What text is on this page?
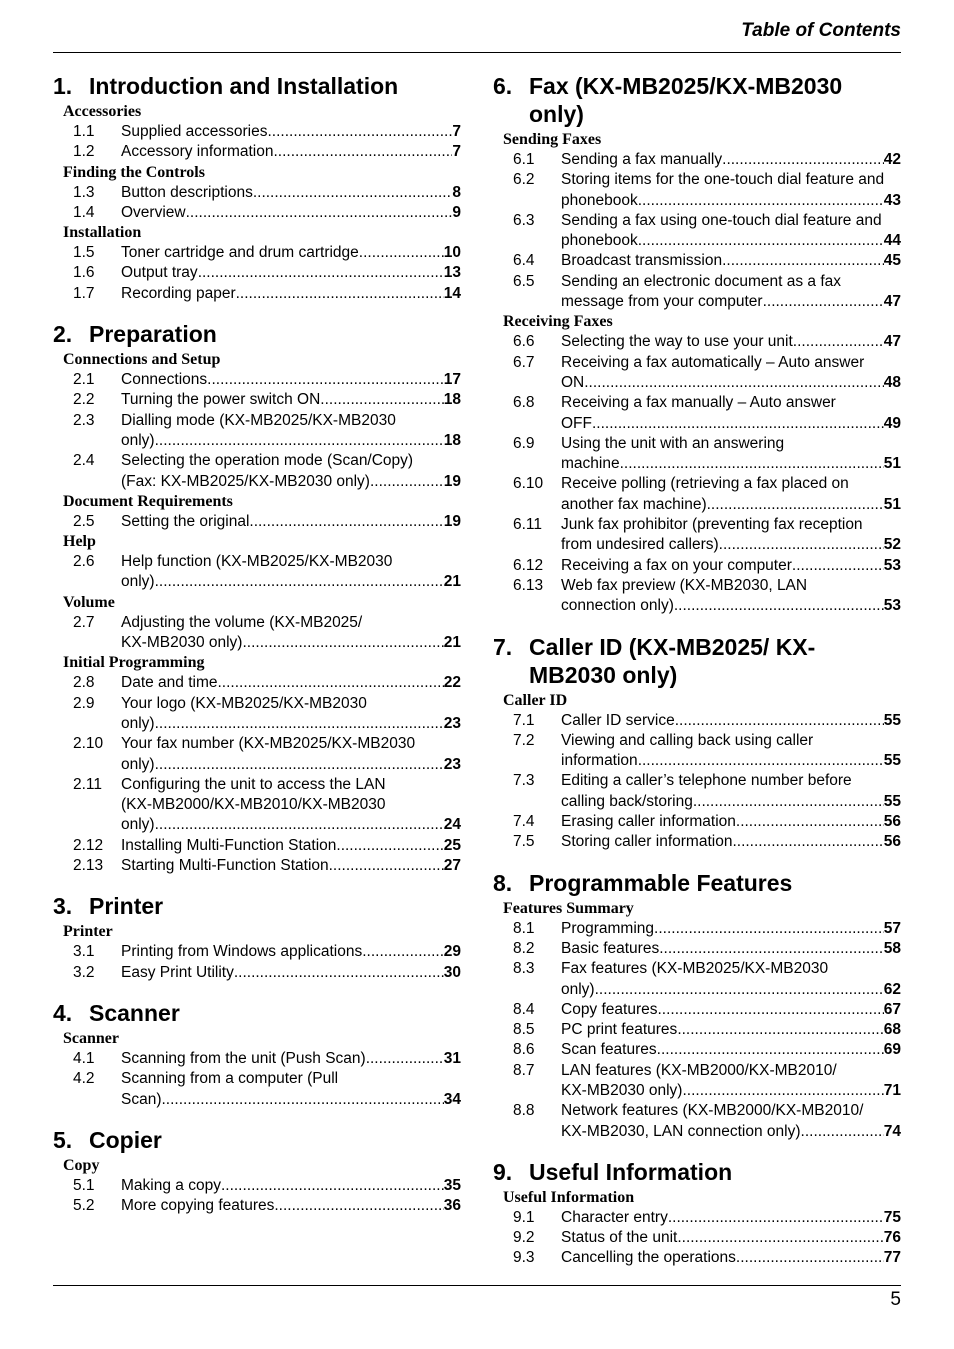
Table of Contents
1. Introduction and Installation
Accessories
1.1	Supplied accessories .....	7
1.2	Accessory information .....	7
Finding the Controls
1.3	Button descriptions .....	8
1.4	Overview .....	9
Installation
1.5	Toner cartridge and drum cartridge .....	10
1.6	Output tray .....	13
1.7	Recording paper .....	14
2. Preparation
Connections and Setup
2.1	Connections .....	17
2.2	Turning the power switch ON .....	18
2.3	Dialling mode (KX-MB2025/KX-MB2030
only) .....	18
2.4	Selecting the operation mode (Scan/Copy)
(Fax: KX-MB2025/KX-MB2030 only) .....	19
Document Requirements
2.5	Setting the original .....	19
Help
2.6	Help function (KX-MB2025/KX-MB2030
only) .....	21
Volume
2.7	Adjusting the volume (KX-MB2025/
KX-MB2030 only) .....	21
Initial Programming
2.8	Date and time .....	22
2.9	Your logo (KX-MB2025/KX-MB2030
only) .....	23
2.10	Your fax number (KX-MB2025/KX-MB2030
only) .....	23
2.11	Configuring the unit to access the LAN
(KX-MB2000/KX-MB2010/KX-MB2030
only) .....	24
2.12	Installing Multi-Function Station .....	25
2.13	Starting Multi-Function Station .....	27
3. Printer
Printer
3.1	Printing from Windows applications .....	29
3.2	Easy Print Utility .....	30
4. Scanner
Scanner
4.1	Scanning from the unit (Push Scan) .....	31
4.2	Scanning from a computer (Pull
Scan) .....	34
5. Copier
Copy
5.1	Making a copy .....	35
5.2	More copying features .....	36
6. Fax (KX-MB2025/KX-MB2030 only)
Sending Faxes
6.1	Sending a fax manually .....	42
6.2	Storing items for the one-touch dial feature and
phonebook .....	43
6.3	Sending a fax using one-touch dial feature and
phonebook .....	44
6.4	Broadcast transmission .....	45
6.5	Sending an electronic document as a fax
message from your computer .....	47
Receiving Faxes
6.6	Selecting the way to use your unit .....	47
6.7	Receiving a fax automatically – Auto answer
ON .....	48
6.8	Receiving a fax manually – Auto answer
OFF .....	49
6.9	Using the unit with an answering
machine .....	51
6.10	Receive polling (retrieving a fax placed on
another fax machine) .....	51
6.11	Junk fax prohibitor (preventing fax reception
from undesired callers) .....	52
6.12	Receiving a fax on your computer .....	53
6.13	Web fax preview (KX-MB2030, LAN
connection only) .....	53
7. Caller ID (KX-MB2025/ KX-MB2030 only)
Caller ID
7.1	Caller ID service .....	55
7.2	Viewing and calling back using caller
information .....	55
7.3	Editing a caller’s telephone number before
calling back/storing .....	55
7.4	Erasing caller information .....	56
7.5	Storing caller information .....	56
8. Programmable Features
Features Summary
8.1	Programming .....	57
8.2	Basic features .....	58
8.3	Fax features (KX-MB2025/KX-MB2030
only) .....	62
8.4	Copy features .....	67
8.5	PC print features .....	68
8.6	Scan features .....	69
8.7	LAN features (KX-MB2000/KX-MB2010/
KX-MB2030 only) .....	71
8.8	Network features (KX-MB2000/KX-MB2010/
KX-MB2030, LAN connection only) .....	74
9. Useful Information
Useful Information
9.1	Character entry .....	75
9.2	Status of the unit .....	76
9.3	Cancelling the operations .....	77
5
